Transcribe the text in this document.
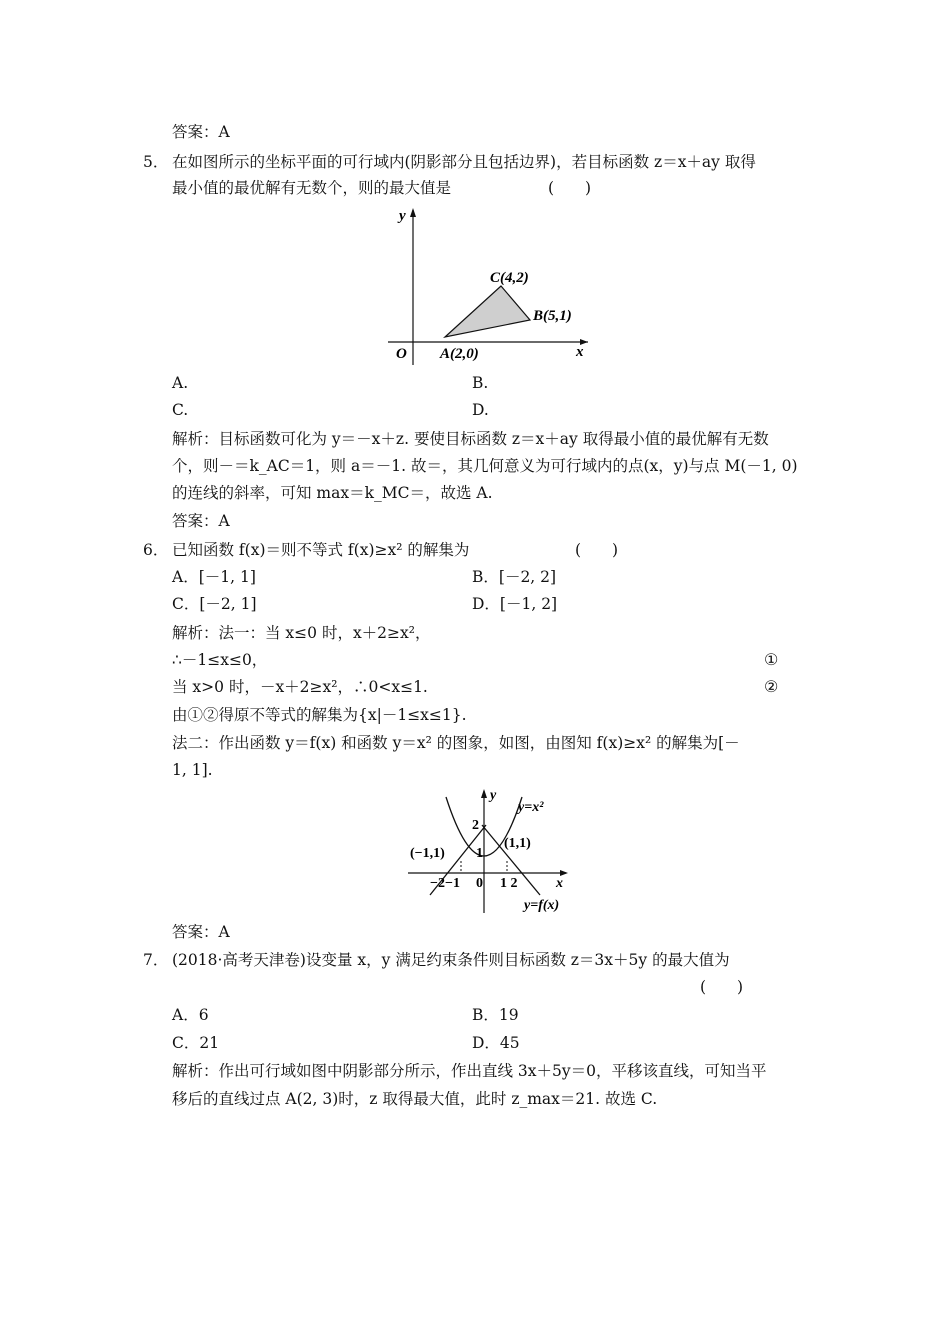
答案：A
5． 在如图所示的坐标平面的可行域内(阴影部分且包括边界)，若目标函数 z＝x＋ay 取得
最小值的最优解有无数个，则的最大值是	(　　)
y
x
O A(2,0)
B(5,1)
C(4,2)
A.	B.
C.	D.
解析：目标函数可化为 y＝－x＋z. 要使目标函数 z＝x＋ay 取得最小值的最优解有无数
个，则－＝k_AC＝1，则 a＝－1. 故＝，其几何意义为可行域内的点(x，y)与点 M(－1, 0)
的连线的斜率，可知 max＝k_MC＝，故选 A.
答案：A
6． 已知函数 f(x)＝则不等式 f(x)≥x² 的解集为	(　　)
A．[－1, 1]	B．[－2, 2]
C．[－2, 1]	D．[－1, 2]
解析：法一：当 x≤0 时，x＋2≥x²，
∴－1≤x≤0，	①
当 x>0 时，－x＋2≥x²，∴0<x≤1.	②
由①②得原不等式的解集为{x|－1≤x≤1}.
法二：作出函数 y＝f(x) 和函数 y＝x² 的图象，如图，由图知 f(x)≥x² 的解集为[－
1, 1].
y
x
y=x²
y=f(x)
(−1,1)
(1,1)
2
1
−2−1 0 1 2
答案：A
7． (2018·高考天津卷)设变量 x，y 满足约束条件则目标函数 z＝3x＋5y 的最大值为
(　　)
A．6	B．19
C．21	D．45
解析：作出可行域如图中阴影部分所示，作出直线 3x＋5y＝0，平移该直线，可知当平
移后的直线过点 A(2, 3)时，z 取得最大值，此时 z_max＝21. 故选 C.
